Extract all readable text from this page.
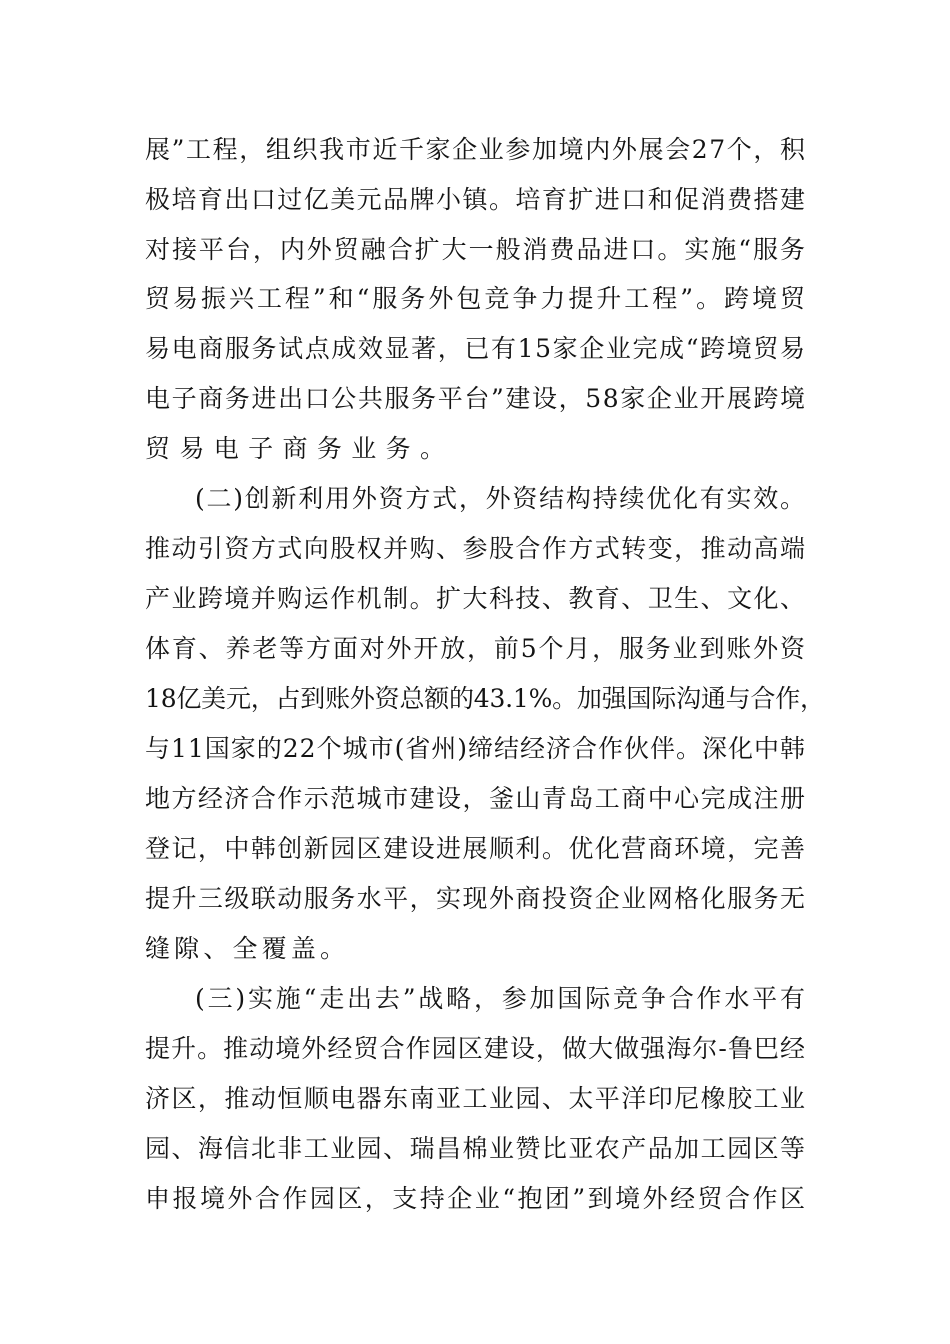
展”工程，组织我市近千家企业参加境内外展会27个，积
极培育出口过亿美元品牌小镇。培育扩进口和促消费搭建
对接平台，内外贸融合扩大一般消费品进口。实施“服务
贸易振兴工程”和“服务外包竞争力提升工程”。跨境贸
易电商服务试点成效显著，已有15家企业完成“跨境贸易
电子商务进出口公共服务平台”建设，58家企业开展跨境
贸易电子商务业务。
(二)创新利用外资方式，外资结构持续优化有实效。
推动引资方式向股权并购、参股合作方式转变，推动高端
产业跨境并购运作机制。扩大科技、教育、卫生、文化、
体育、养老等方面对外开放，前5个月，服务业到账外资
18亿美元，占到账外资总额的43.1%。加强国际沟通与合作，
与11国家的22个城市(省州)缔结经济合作伙伴。深化中韩
地方经济合作示范城市建设，釜山青岛工商中心完成注册
登记，中韩创新园区建设进展顺利。优化营商环境，完善
提升三级联动服务水平，实现外商投资企业网格化服务无
缝隙、全覆盖。
(三)实施“走出去”战略，参加国际竞争合作水平有
提升。推动境外经贸合作园区建设，做大做强海尔-鲁巴经
济区，推动恒顺电器东南亚工业园、太平洋印尼橡胶工业
园、海信北非工业园、瑞昌棉业赞比亚农产品加工园区等
申报境外合作园区，支持企业“抱团”到境外经贸合作区
